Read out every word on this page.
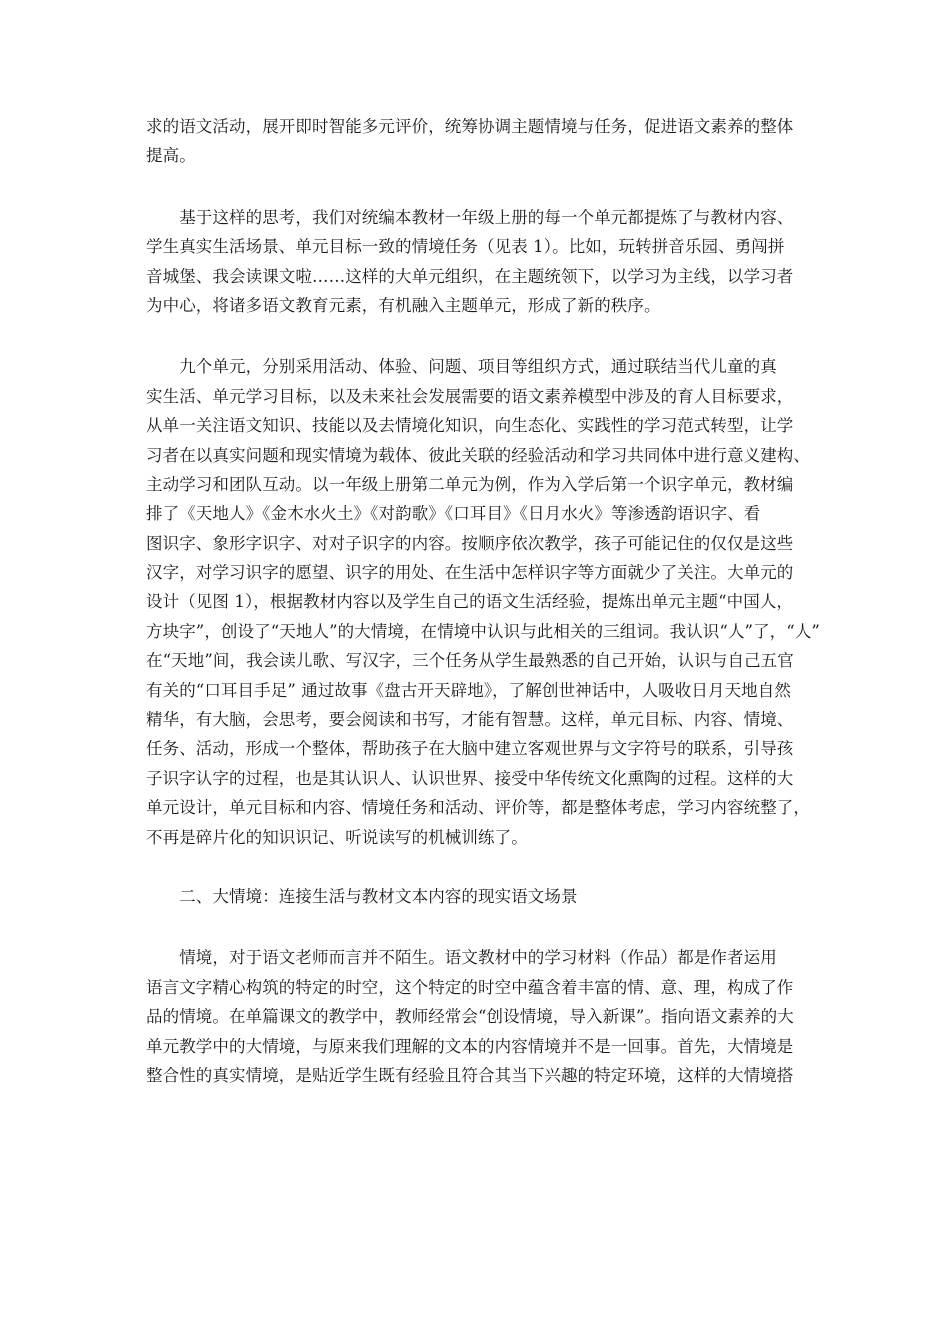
求的语文活动，展开即时智能多元评价，统筹协调主题情境与任务，促进语文素养的整体
提高。
　　基于这样的思考，我们对统编本教材一年级上册的每一个单元都提炼了与教材内容、
学生真实生活场景、单元目标一致的情境任务（见表 1）。比如，玩转拼音乐园、勇闯拼
音城堡、我会读课文啦……这样的大单元组织，在主题统领下，以学习为主线，以学习者
为中心，将诸多语文教育元素，有机融入主题单元，形成了新的秩序。
　　九个单元，分别采用活动、体验、问题、项目等组织方式，通过联结当代儿童的真
实生活、单元学习目标，以及未来社会发展需要的语文素养模型中涉及的育人目标要求，
从单一关注语文知识、技能以及去情境化知识，向生态化、实践性的学习范式转型，让学
习者在以真实问题和现实情境为载体、彼此关联的经验活动和学习共同体中进行意义建构、
主动学习和团队互动。以一年级上册第二单元为例，作为入学后第一个识字单元，教材编
排了《天地人》《金木水火土》《对韵歌》《口耳目》《日月水火》等渗透韵语识字、看
图识字、象形字识字、对对子识字的内容。按顺序依次教学，孩子可能记住的仅仅是这些
汉字，对学习识字的愿望、识字的用处、在生活中怎样识字等方面就少了关注。大单元的
设计（见图 1），根据教材内容以及学生自己的语文生活经验，提炼出单元主题“中国人，
方块字”，创设了“天地人”的大情境，在情境中认识与此相关的三组词。我认识“人”了，“人”
在“天地”间，我会读儿歌、写汉字，三个任务从学生最熟悉的自己开始，认识与自己五官
有关的“口耳目手足” 通过故事《盘古开天辟地》，了解创世神话中，人吸收日月天地自然
精华，有大脑，会思考，要会阅读和书写，才能有智慧。这样，单元目标、内容、情境、
任务、活动，形成一个整体，帮助孩子在大脑中建立客观世界与文字符号的联系，引导孩
子识字认字的过程，也是其认识人、认识世界、接受中华传统文化熏陶的过程。这样的大
单元设计，单元目标和内容、情境任务和活动、评价等，都是整体考虑，学习内容统整了，
不再是碎片化的知识识记、听说读写的机械训练了。
　　二、大情境：连接生活与教材文本内容的现实语文场景
　　情境，对于语文老师而言并不陌生。语文教材中的学习材料（作品）都是作者运用
语言文字精心构筑的特定的时空，这个特定的时空中蕴含着丰富的情、意、理，构成了作
品的情境。在单篇课文的教学中，教师经常会“创设情境，导入新课”。指向语文素养的大
单元教学中的大情境，与原来我们理解的文本的内容情境并不是一回事。首先，大情境是
整合性的真实情境，是贴近学生既有经验且符合其当下兴趣的特定环境，这样的大情境搭
